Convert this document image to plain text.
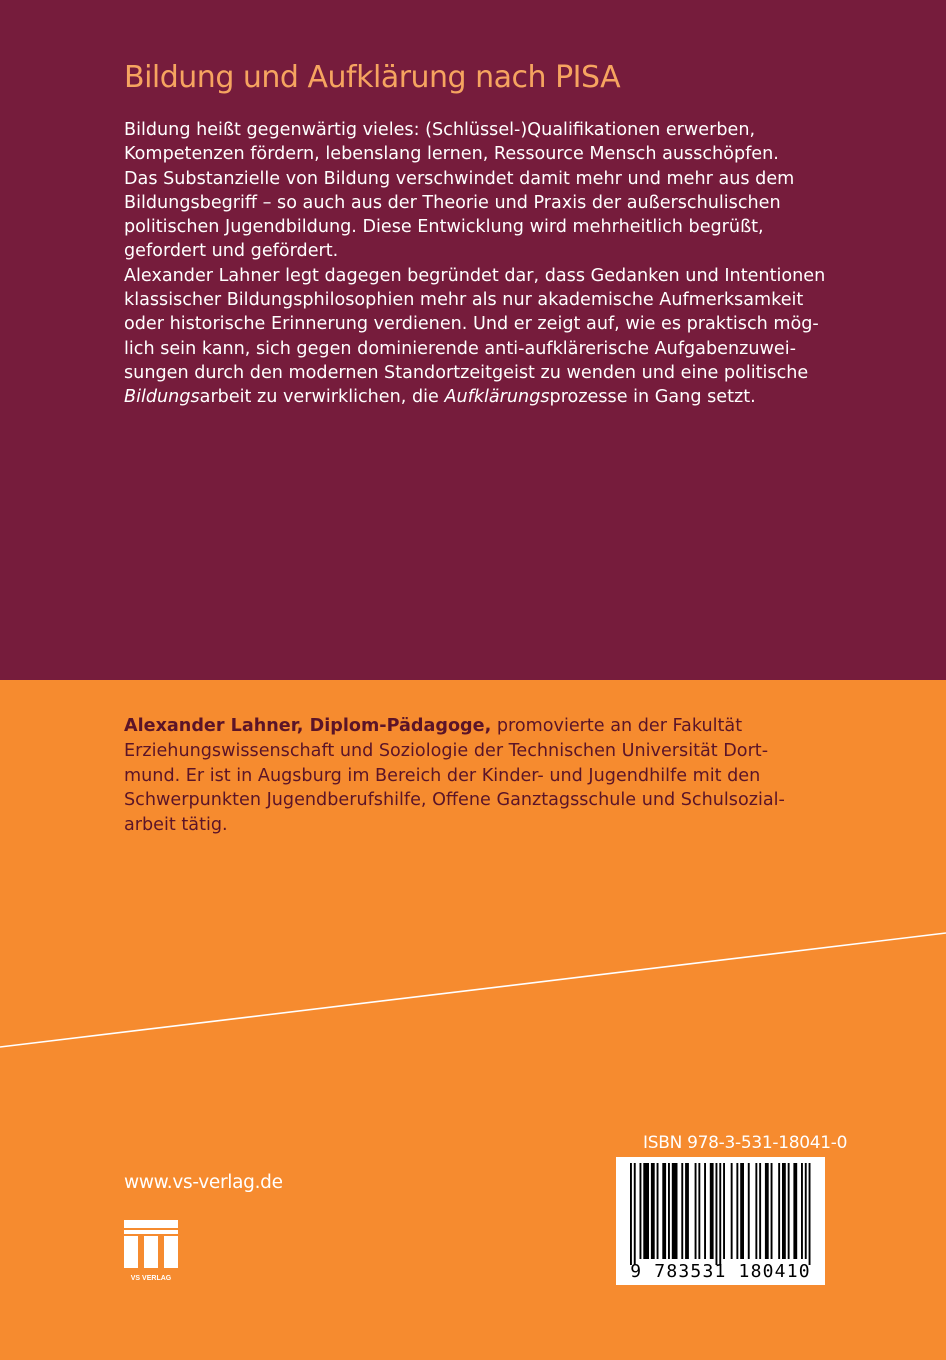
Bildung und Aufklärung nach PISA
Bildung heißt gegenwärtig vieles: (Schlüssel-)Qualifikationen erwerben,
Kompetenzen fördern, lebenslang lernen, Ressource Mensch ausschöpfen.
Das Substanzielle von Bildung verschwindet damit mehr und mehr aus dem
Bildungsbegriff – so auch aus der Theorie und Praxis der außerschulischen
politischen Jugendbildung. Diese Entwicklung wird mehrheitlich begrüßt,
gefordert und gefördert.
Alexander Lahner legt dagegen begründet dar, dass Gedanken und Intentionen
klassischer Bildungsphilosophien mehr als nur akademische Aufmerksamkeit
oder historische Erinnerung verdienen. Und er zeigt auf, wie es praktisch mög-
lich sein kann, sich gegen dominierende anti-aufklärerische Aufgabenzuwei-
sungen durch den modernen Standortzeitgeist zu wenden und eine politische
Bildungsarbeit zu verwirklichen, die Aufklärungsprozesse in Gang setzt.
Alexander Lahner, Diplom-Pädagoge, promovierte an der Fakultät
Erziehungswissenschaft und Soziologie der Technischen Universität Dort-
mund. Er ist in Augsburg im Bereich der Kinder- und Jugendhilfe mit den
Schwerpunkten Jugendberufshilfe, Offene Ganztagsschule und Schulsozial-
arbeit tätig.
www.vs-verlag.de
VS VERLAG
ISBN 978-3-531-18041-0
9 783531 180410
